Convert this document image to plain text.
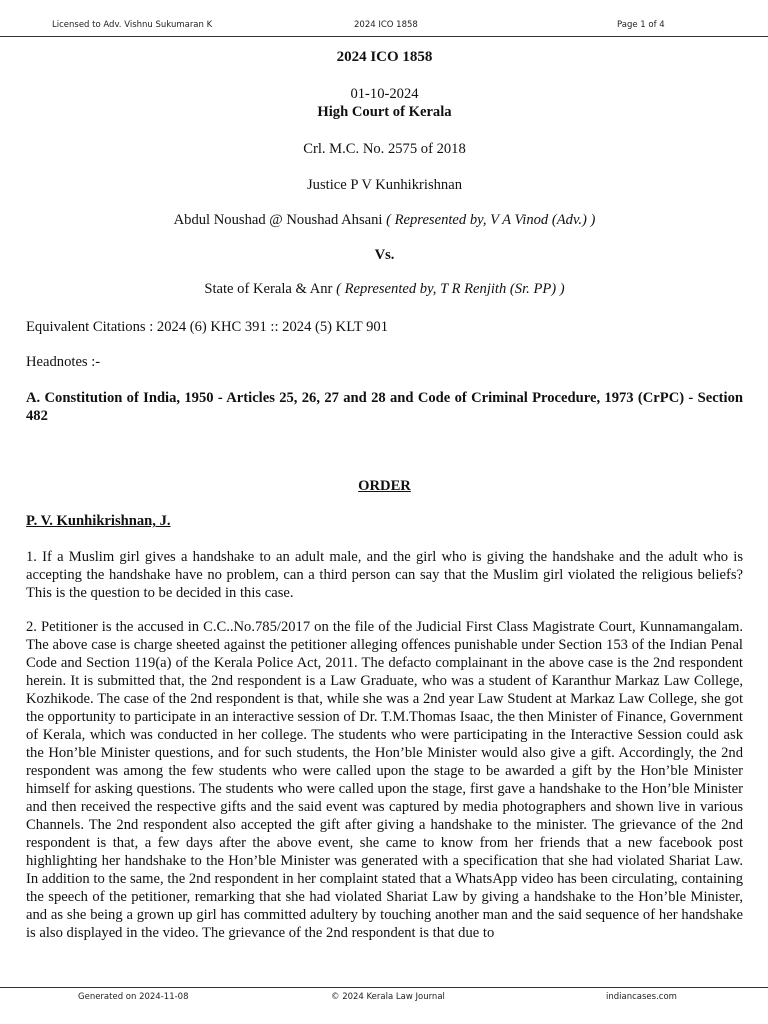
Licensed to Adv. Vishnu Sukumaran K	2024 ICO 1858	Page 1 of 4

2024 ICO 1858

01-10-2024

High Court of Kerala

Crl. M.C. No. 2575 of 2018

Justice P V Kunhikrishnan

Abdul Noushad @ Noushad Ahsani ( Represented by, V A Vinod (Adv.) )

Vs.

State of Kerala & Anr ( Represented by, T R Renjith (Sr. PP) )

Equivalent Citations : 2024 (6) KHC 391 :: 2024 (5) KLT 901

Headnotes :-

A. Constitution of India, 1950 - Articles 25, 26, 27 and 28 and Code of Criminal Procedure, 1973 (CrPC) - Section 482

ORDER

P. V. Kunhikrishnan, J.

1. If a Muslim girl gives a handshake to an adult male, and the girl who is giving the handshake and the adult who is accepting the handshake have no problem, can a third person can say that the Muslim girl violated the religious beliefs? This is the question to be decided in this case.

2. Petitioner is the accused in C.C..No.785/2017 on the file of the Judicial First Class Magistrate Court, Kunnamangalam. The above case is charge sheeted against the petitioner alleging offences punishable under Section 153 of the Indian Penal Code and Section 119(a) of the Kerala Police Act, 2011. The defacto complainant in the above case is the 2nd respondent herein. It is submitted that, the 2nd respondent is a Law Graduate, who was a student of Karanthur Markaz Law College, Kozhikode. The case of the 2nd respondent is that, while she was a 2nd year Law Student at Markaz Law College, she got the opportunity to participate in an interactive session of Dr. T.M.Thomas Isaac, the then Minister of Finance, Government of Kerala, which was conducted in her college. The students who were participating in the Interactive Session could ask the Hon’ble Minister questions, and for such students, the Hon’ble Minister would also give a gift. Accordingly, the 2nd respondent was among the few students who were called upon the stage to be awarded a gift by the Hon’ble Minister himself for asking questions. The students who were called upon the stage, first gave a handshake to the Hon’ble Minister and then received the respective gifts and the said event was captured by media photographers and shown live in various Channels. The 2nd respondent also accepted the gift after giving a handshake to the minister. The grievance of the 2nd respondent is that, a few days after the above event, she came to know from her friends that a new facebook post highlighting her handshake to the Hon’ble Minister was generated with a specification that she had violated Shariat Law. In addition to the same, the 2nd respondent in her complaint stated that a WhatsApp video has been circulating, containing the speech of the petitioner, remarking that she had violated Shariat Law by giving a handshake to the Hon’ble Minister, and as she being a grown up girl has committed adultery by touching another man and the said sequence of her handshake is also displayed in the video. The grievance of the 2nd respondent is that due to

Generated on 2024-11-08	© 2024 Kerala Law Journal	indiancases.com
